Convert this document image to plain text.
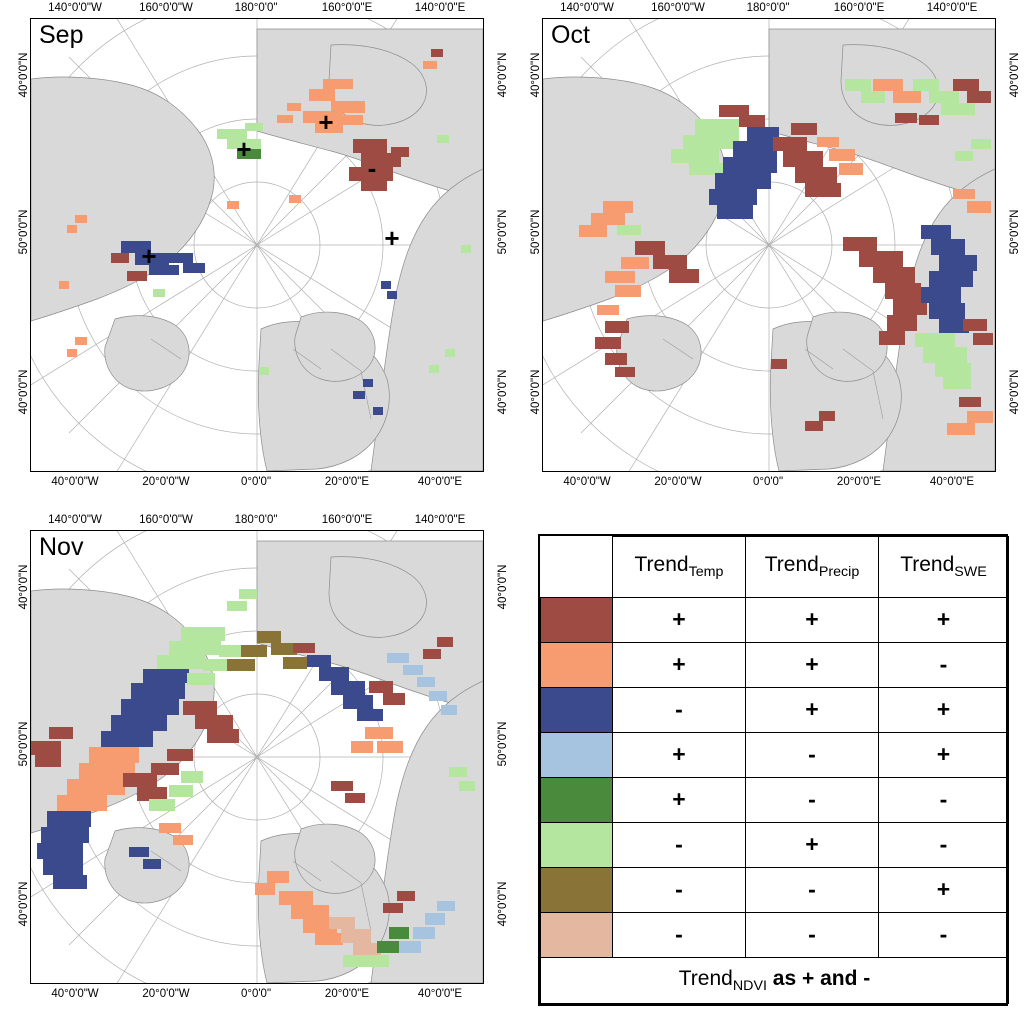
+
+
-
+
+
Sep
140°0'0"W	160°0'0"W	180°0'0"	160°0'0"E	140°0'0"E
40°0'0"W	20°0'0"W	0°0'0"	20°0'0"E	40°0'0"E
40°0'0"N
50°0'0"N
40°0'0"N
40°0'0"N
50°0'0"N
40°0'0"N
Oct
140°0'0"W	160°0'0"W	180°0'0"	160°0'0"E	140°0'0"E
40°0'0"W	20°0'0"W	0°0'0"	20°0'0"E	40°0'0"E
40°0'0"N
50°0'0"N
40°0'0"N
40°0'0"N
50°0'0"N
40°0'0"N
Nov
140°0'0"W	160°0'0"W	180°0'0"	160°0'0"E	140°0'0"E
40°0'0"W	20°0'0"W	0°0'0"	20°0'0"E	40°0'0"E
40°0'0"N
50°0'0"N
40°0'0"N
40°0'0"N
50°0'0"N
40°0'0"N
	Trend$_{Temp}$	Trend$_{Precip}$	Trend$_{SWE}$

	+	+	+

	+	+	-

	-	+	+

	+	-	+

	+	-	-

	-	+	-

	-	-	+

	-	-	-
Trend$_{NDVI}$ as + and -			
